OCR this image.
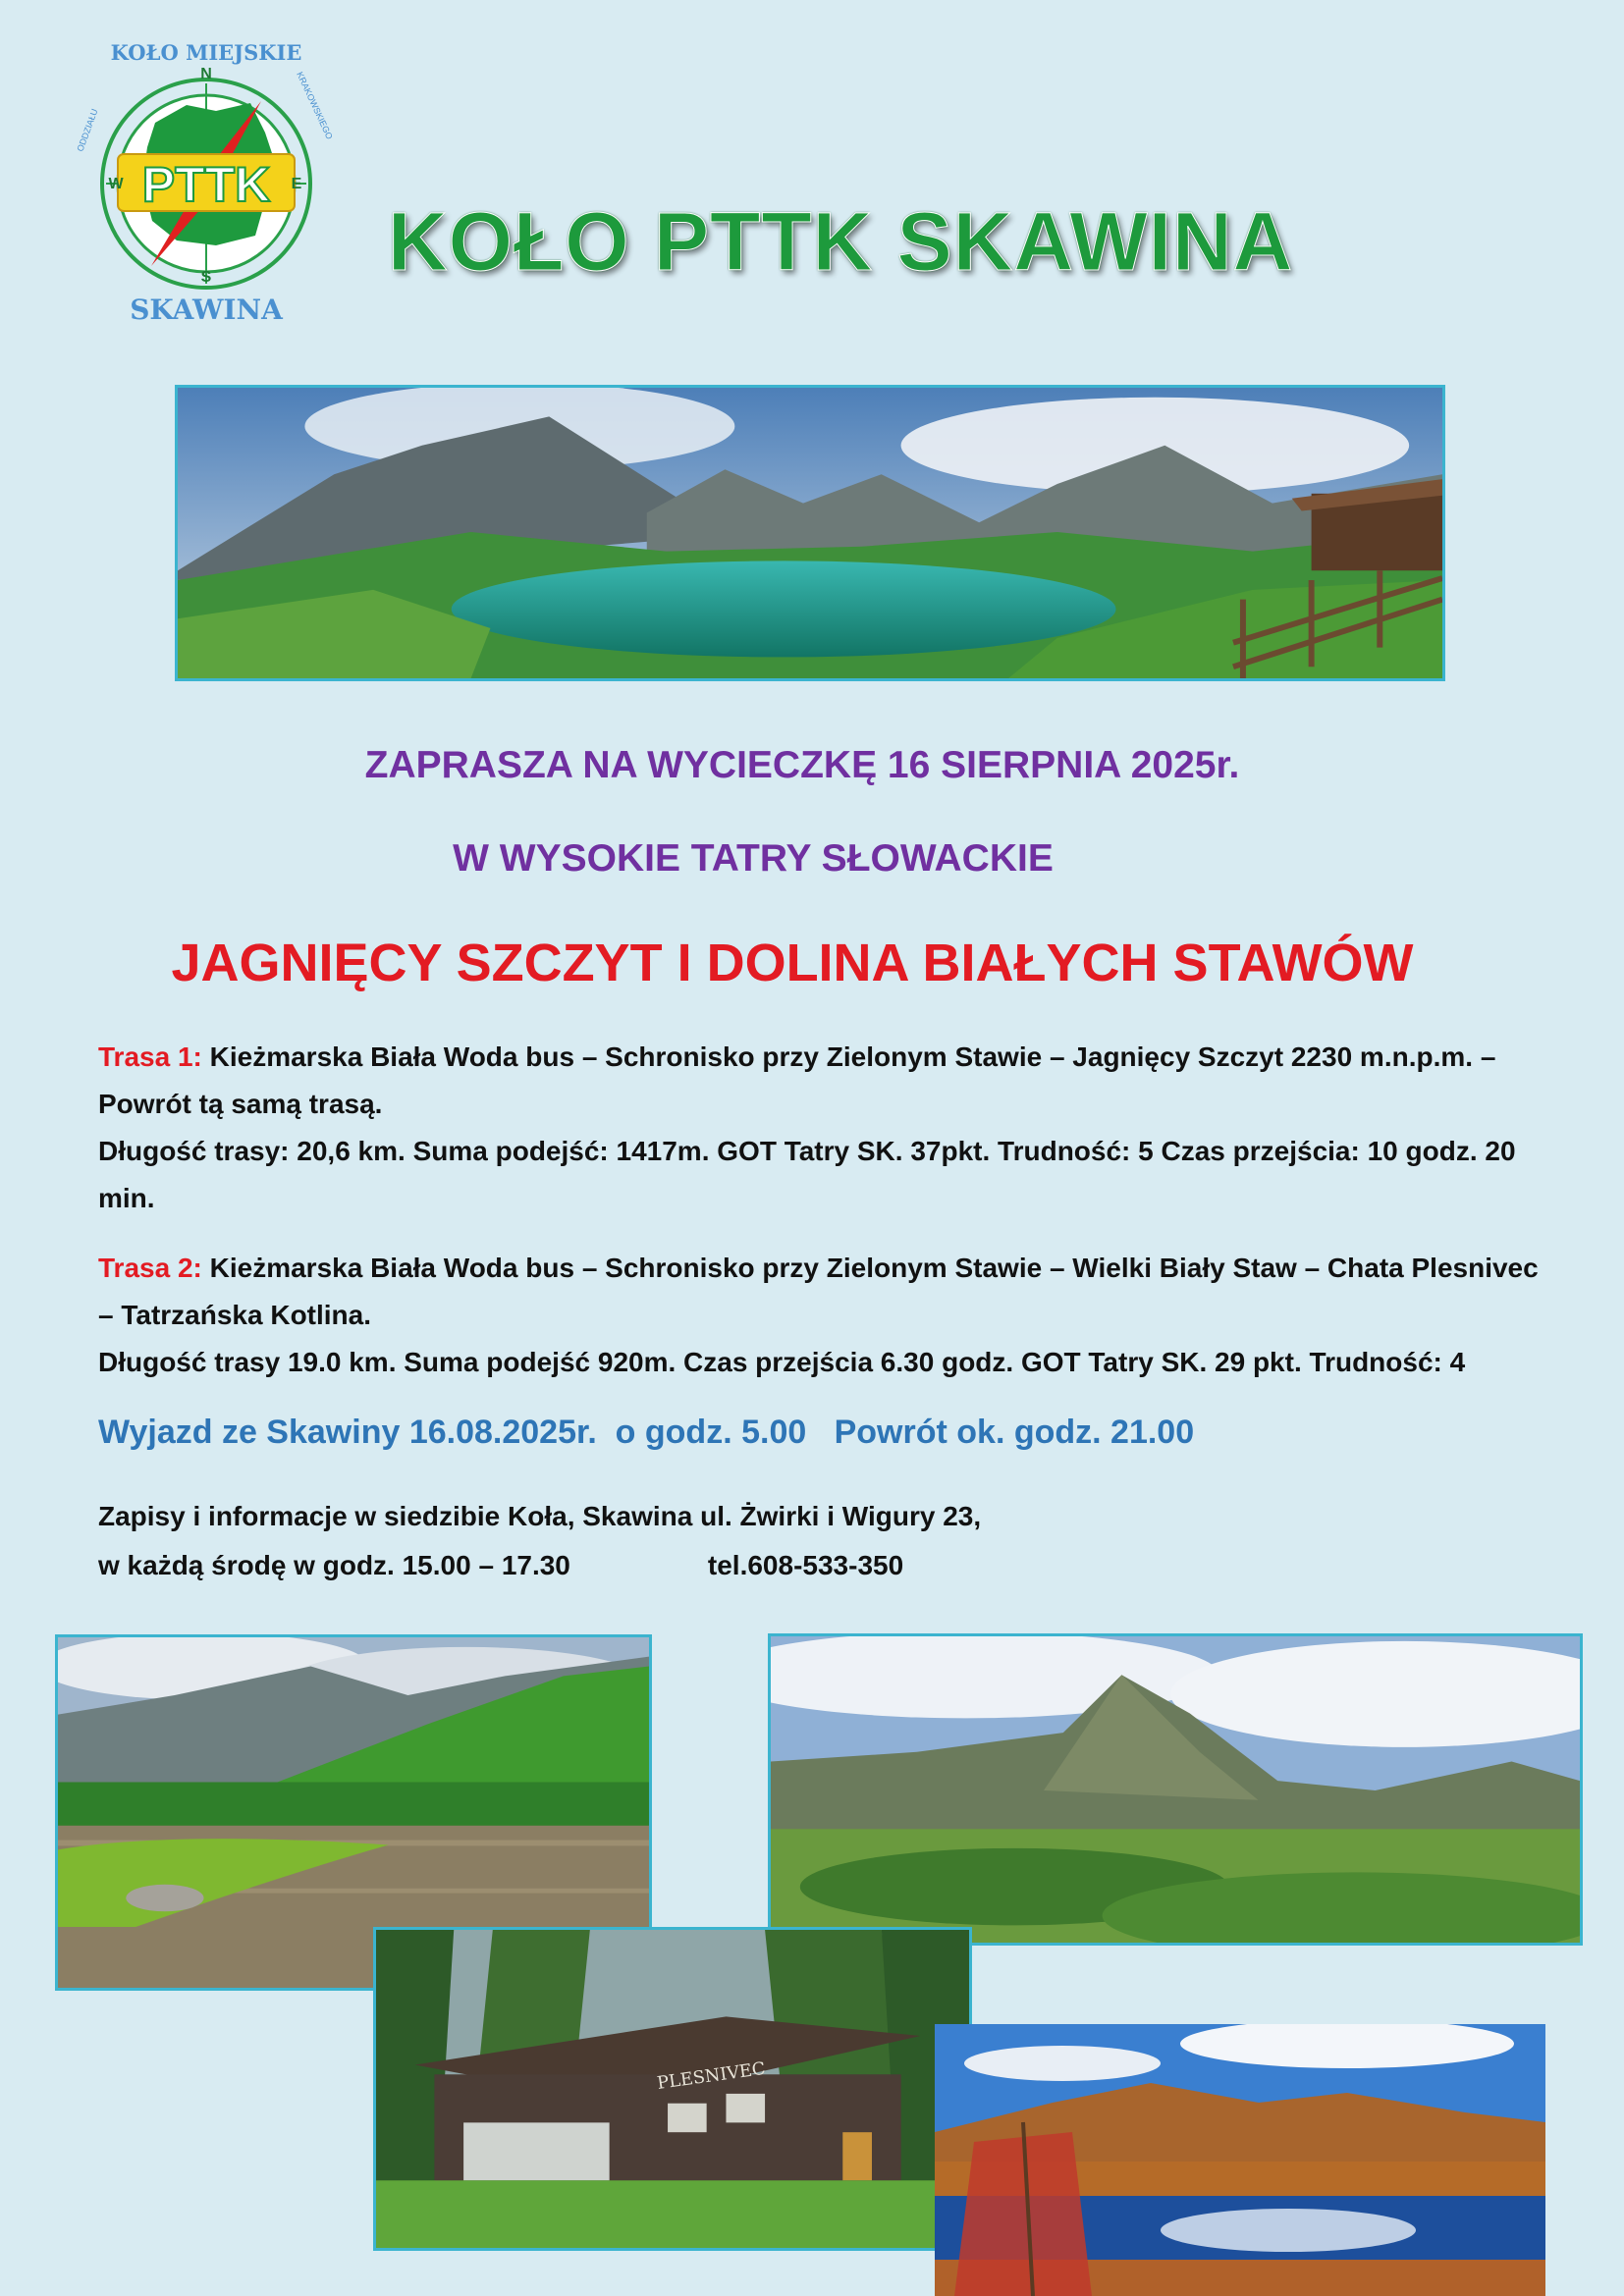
KOŁO MIEJSKIE
PTTK
N
S
E
W
ODDZIAŁU	KRAKOWSKIEGO
SKAWINA
KOŁO PTTK SKAWINA
ZAPRASZA NA WYCIECZKĘ 16 SIERPNIA 2025r.
W WYSOKIE TATRY SŁOWACKIE
JAGNIĘCY SZCZYT I DOLINA BIAŁYCH STAWÓW
Trasa 1: Kieżmarska Biała Woda bus – Schronisko przy Zielonym Stawie – Jagnięcy Szczyt 2230 m.n.p.m. – Powrót tą samą trasą.
Długość trasy: 20,6 km. Suma podejść: 1417m. GOT Tatry SK. 37pkt. Trudność: 5 Czas przejścia: 10 godz. 20 min.
Trasa 2: Kieżmarska Biała Woda bus – Schronisko przy Zielonym Stawie – Wielki Biały Staw – Chata Plesnivec – Tatrzańska Kotlina.
Długość trasy 19.0 km. Suma podejść 920m. Czas przejścia 6.30 godz. GOT Tatry SK. 29 pkt. Trudność: 4
Wyjazd ze Skawiny 16.08.2025r.  o godz. 5.00   Powrót ok. godz. 21.00
Zapisy i informacje w siedzibie Koła, Skawina ul. Żwirki i Wigury 23,
w każdą środę w godz. 15.00 – 17.30                  tel.608-533-350
PLESNIVEC
